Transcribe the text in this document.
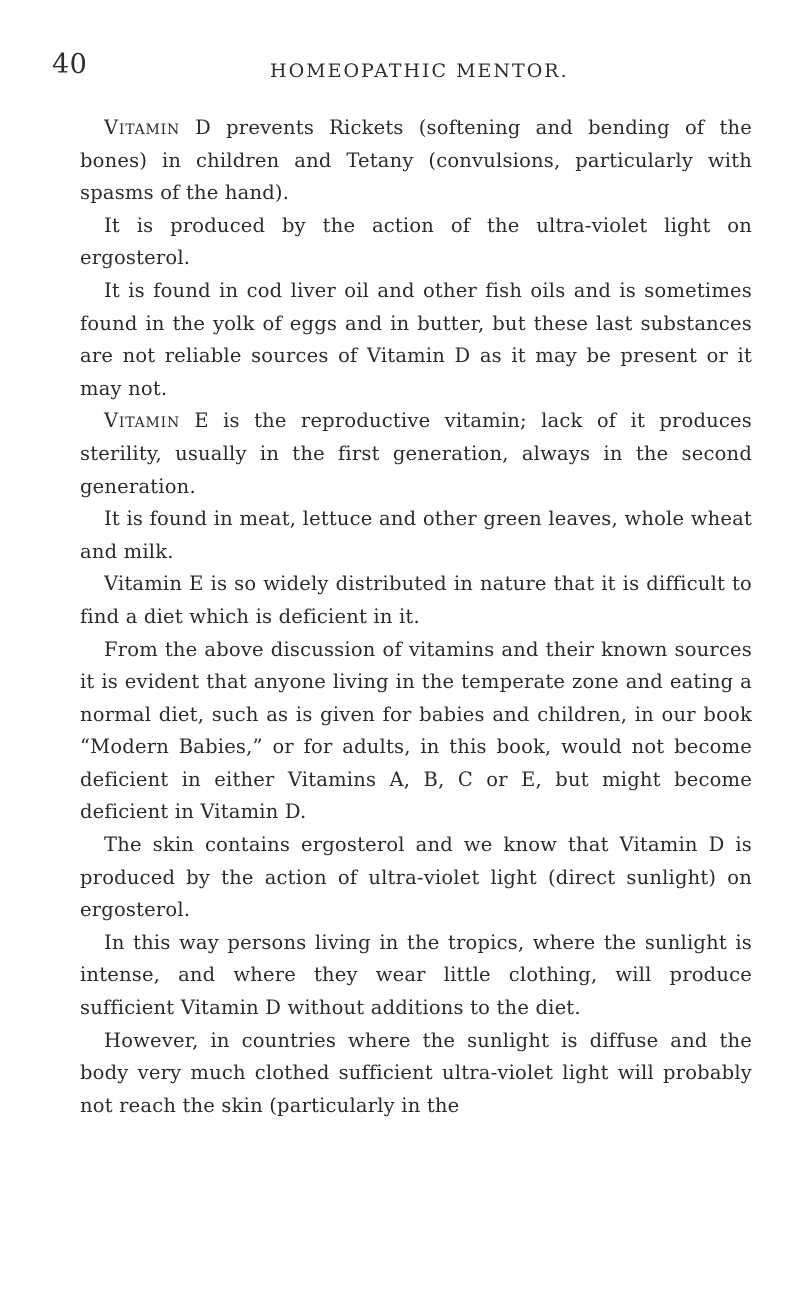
40	HOMEOPATHIC MENTOR.

Vitamin D prevents Rickets (softening and bending of the bones) in children and Tetany (convulsions, particularly with spasms of the hand).

It is produced by the action of the ultra-violet light on ergosterol.

It is found in cod liver oil and other fish oils and is sometimes found in the yolk of eggs and in butter, but these last substances are not reliable sources of Vitamin D as it may be present or it may not.

Vitamin E is the reproductive vitamin; lack of it produces sterility, usually in the first generation, always in the second generation.

It is found in meat, lettuce and other green leaves, whole wheat and milk.

Vitamin E is so widely distributed in nature that it is difficult to find a diet which is deficient in it.

From the above discussion of vitamins and their known sources it is evident that anyone living in the temperate zone and eating a normal diet, such as is given for babies and children, in our book “Modern Babies,” or for adults, in this book, would not become deficient in either Vitamins A, B, C or E, but might become deficient in Vitamin D.

The skin contains ergosterol and we know that Vitamin D is produced by the action of ultra-violet light (direct sunlight) on ergosterol.

In this way persons living in the tropics, where the sunlight is intense, and where they wear little clothing, will produce sufficient Vitamin D without additions to the diet.

However, in countries where the sunlight is diffuse and the body very much clothed sufficient ultra-violet light will probably not reach the skin (particularly in the
